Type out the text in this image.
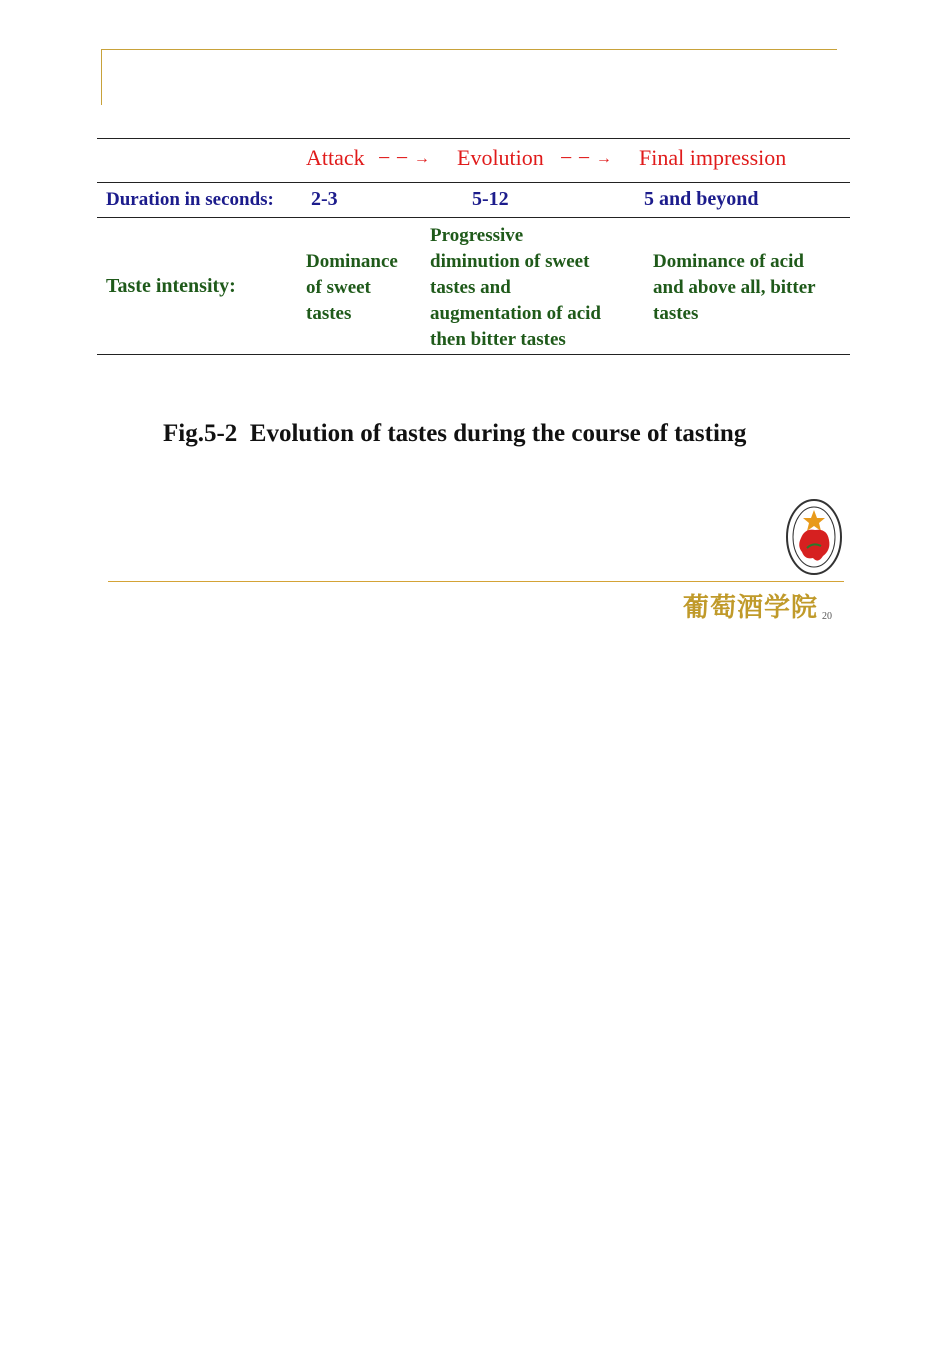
Attack − − → Evolution − − → Final impression
Duration in seconds: 2-3	5-12	5 and beyond
Taste intensity:
Dominance
of sweet
tastes
Progressive
diminution of sweet
tastes and
augmentation of acid
then bitter tastes
Dominance of acid
and above all, bitter
tastes
Fig.5-2  Evolution of tastes during the course of tasting
葡萄酒学院 20
